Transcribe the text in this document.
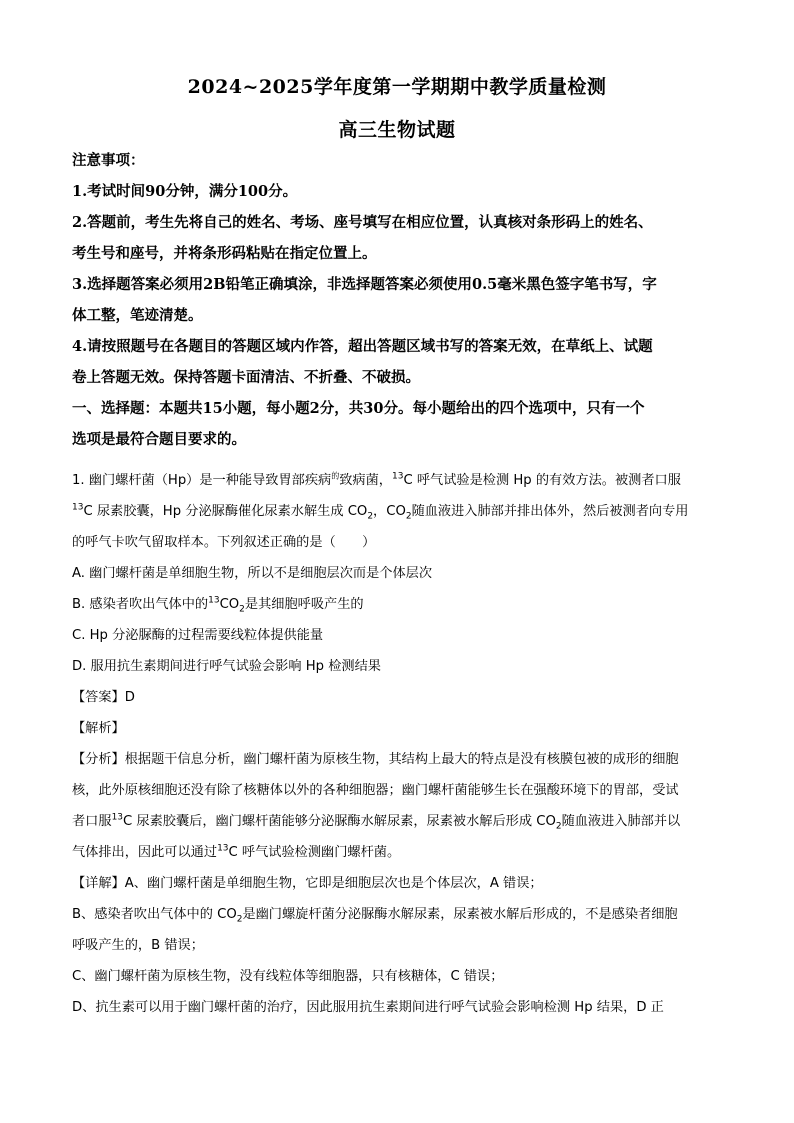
2024~2025学年度第一学期期中教学质量检测
高三生物试题

注意事项：

1.考试时间90分钟，满分100分。

2.答题前，考生先将自己的姓名、考场、座号填写在相应位置，认真核对条形码上的姓名、

考生号和座号，并将条形码粘贴在指定位置上。

3.选择题答案必须用2B铅笔正确填涂，非选择题答案必须使用0.5毫米黑色签字笔书写，字

体工整，笔迹清楚。

4.请按照题号在各题目的答题区域内作答，超出答题区域书写的答案无效，在草纸上、试题

卷上答题无效。保持答题卡面清洁、不折叠、不破损。

一、选择题：本题共15小题，每小题2分，共30分。每小题给出的四个选项中，只有一个

选项是最符合题目要求的。

1. 幽门螺杆菌（Hp）是一种能导致胃部疾病$^的$致病菌，$^{13}$C 呼气试验是检测 Hp 的有效方法。被测者口服

$^{13}$C 尿素胶囊，Hp 分泌脲酶催化尿素水解生成 $CO_2$，$CO_2$随血液进入肺部并排出体外，然后被测者向专用

的呼气卡吹气留取样本。下列叙述正确的是（　　）

A. 幽门螺杆菌是单细胞生物，所以不是细胞层次而是个体层次

B. 感染者吹出气体中的$^{13}CO_2$是其细胞呼吸产生的

C. Hp 分泌脲酶的过程需要线粒体提供能量

D. 服用抗生素期间进行呼气试验会影响 Hp 检测结果

【答案】D

【解析】

【分析】根据题干信息分析，幽门螺杆菌为原核生物，其结构上最大的特点是没有核膜包被的成形的细胞

核，此外原核细胞还没有除了核糖体以外的各种细胞器；幽门螺杆菌能够生长在强酸环境下的胃部，受试

者口服$^{13}$C 尿素胶囊后，幽门螺杆菌能够分泌脲酶水解尿素，尿素被水解后形成 $CO_2$随血液进入肺部并以

气体排出，因此可以通过$^{13}$C 呼气试验检测幽门螺杆菌。

【详解】A、幽门螺杆菌是单细胞生物，它即是细胞层次也是个体层次，A 错误；

B、感染者吹出气体中的 $CO_2$是幽门螺旋杆菌分泌脲酶水解尿素，尿素被水解后形成的，不是感染者细胞

呼吸产生的，B 错误；

C、幽门螺杆菌为原核生物，没有线粒体等细胞器，只有核糖体，C 错误；

D、抗生素可以用于幽门螺杆菌的治疗，因此服用抗生素期间进行呼气试验会影响检测 Hp 结果，D 正
